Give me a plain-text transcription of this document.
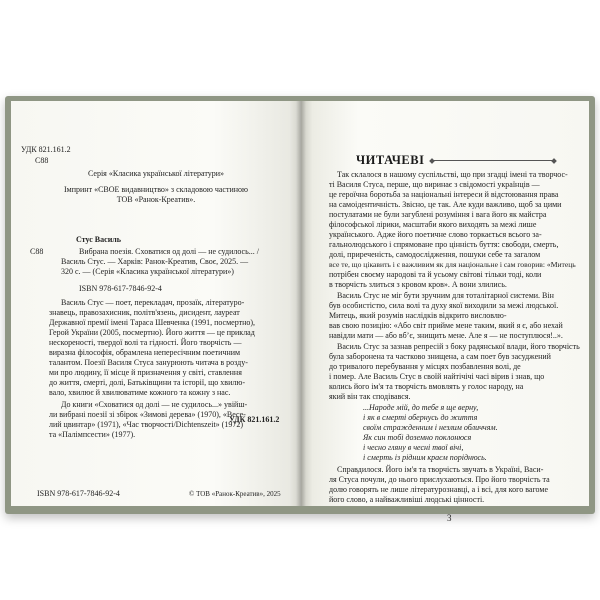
УДК 821.161.2
С88
Серія «Класика української літератури»
Імпринт «CBOE видавництво» з складовою частиною
ТОВ «Ранок-Креатив».
Стус Василь
С88	Вибрана поезія. Сховатися од долі — не судилось... /
Василь Стус. — Харків: Ранок-Креатив, Своє, 2025. —
320 с. — (Серія «Класика української літератури»)
ISBN 978-617-7846-92-4
Василь Стус — поет, перекладач, прозаїк, літературо-
знавець, правозахисник, політв'язень, дисидент, лауреат
Державної премії імені Тараса Шевченка (1991, посмертно),
Герой України (2005, посмертно). Його життя — це приклад
нескореності, твердої волі та гідності. Його творчість —
виразна філософія, обрамлена непересічним поетичним
талантом. Поезії Василя Стуса занурюють читача в розду-
ми про людину, її місце й призначення у світі, ставлення
до життя, смерті, долі, Батьківщини та історії, що хвилю-
вало, хвилює й хвилюватиме кожного та кожну з нас.
До книги «Сховатися од долі — не судилось...» увійш-
ли вибрані поезії зі збірок «Зимові дерева» (1970), «Весе-
лий цвинтар» (1971), «Час творчості/Dichtenszeit» (1972)
та «Палімпсести» (1977).
УДК 821.161.2
ISBN 978-617-7846-92-4	© ТОВ «Ранок-Креатив», 2025
Так склалося в нашому суспільстві, що при згадці імені та творчос-
ті Василя Стуса, перше, що виринає з свідомості українців —
це героїчна боротьба за національні інтереси й відстоювання права
на самоідентичність. Звісно, це так. Але куди важливо, щоб за цими
постулатами не були загублені розуміння і вага його як майстра
філософської лірики, масштаби якого виходять за межі лише
українського. Адже його поетичне слово торкається всього за-
гальнолюдського і спрямоване про цінність буття: свободи, смерть,
долі, приреченість, самодослідження, пошуки себе та загалом
все те, що цікавить і є важливим як для національне і сам говорив: «Митець
потрібен своєму народові та й усьому світові тільки тоді, коли
в творчість злиться з кровом кров». А вони злились.
Василь Стус не міг бути зручним для тоталітарної системи. Він
був особистістю, сила волі та духу якої виходили за межі людської.
Митець, який розумів наслідків відкрито висловлю-
вав свою позицію: «Або світ прийме мене таким, який я є, або нехай
навідли мати — або вбʼє, знищить мене. Але я — не поступлюся!..».
Василь Стус за зазнав репресій з боку радянської влади, його творчість
була заборонена та частково знищена, а сам поет був засуджений
до тривалого перебування у місцях позбавлення волі, де
і помер. Але Василь Стус в своїй найтічічі часі вірив і знав, що
колись його ім'я та творчість вмовлять у голос народу, на
який він так сподівався.
...Народе мій, до тебе я ще верну,
і як в смерті обернусь до життя
своїм стражденним і незлим обличчям.
Як син тобі доземно поклонюся
і чесно гляну в чесні твої вічі,
і смерть із рідним краєм поріднюсь.
Справдилося. Його ім'я та творчість звучать в Україні, Васи-
ля Стуса почули, до нього прислухаються. Про його творчість та
долю говорять не лише літературознавці, а і всі, для кого вагоме
його слово, а найважливіші людські цінності.
ЧИТАЧЕВІ
3
